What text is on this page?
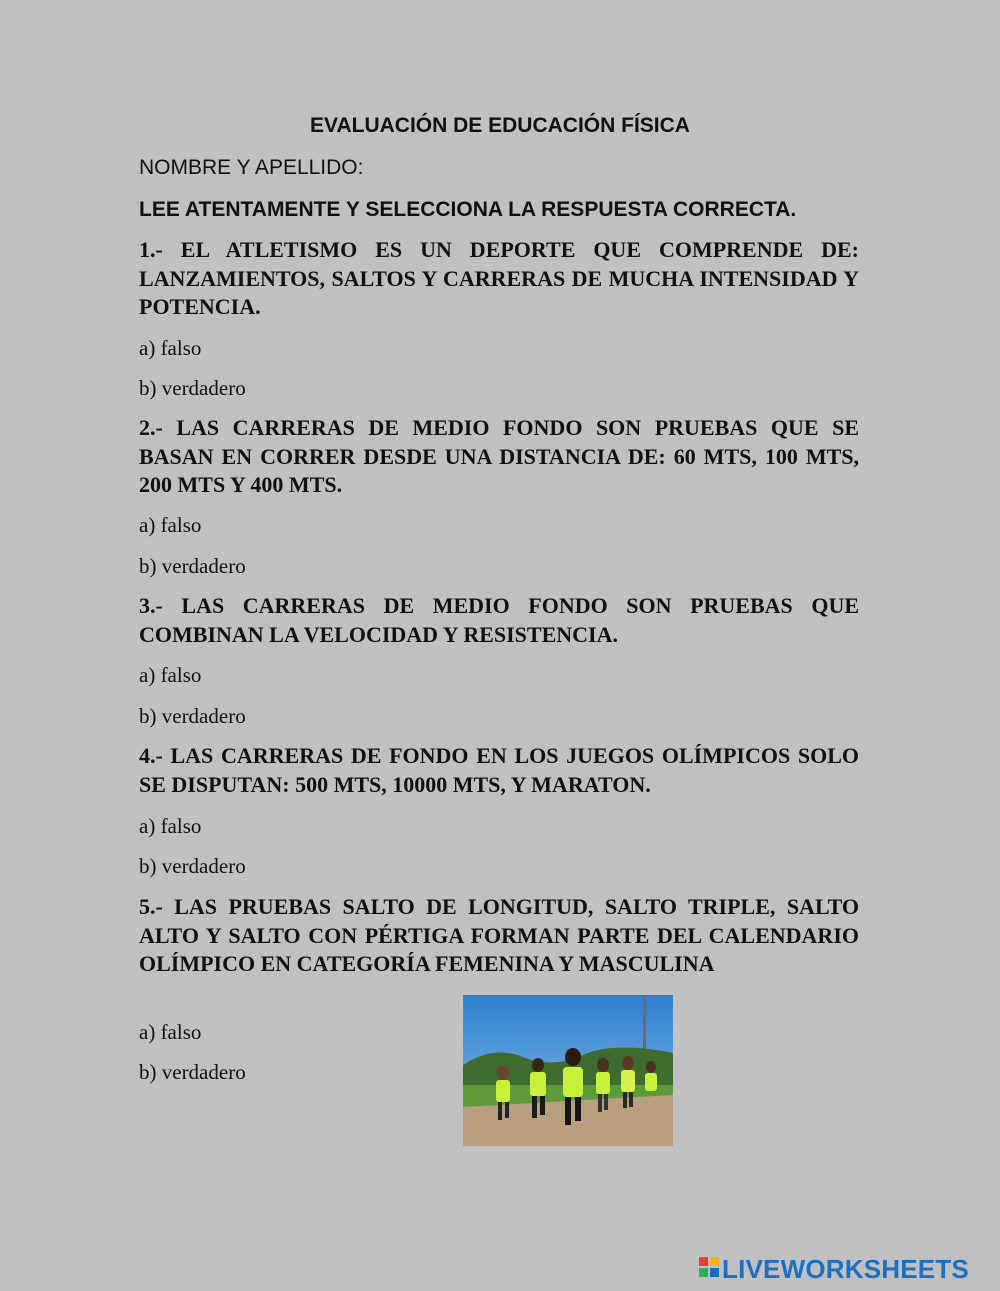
EVALUACIÓN DE EDUCACIÓN FÍSICA
NOMBRE Y APELLIDO:
LEE ATENTAMENTE Y SELECCIONA LA RESPUESTA CORRECTA.
1.- EL ATLETISMO ES UN DEPORTE QUE COMPRENDE DE: LANZAMIENTOS, SALTOS Y CARRERAS DE MUCHA INTENSIDAD Y POTENCIA.
a) falso
b) verdadero
2.- LAS CARRERAS DE MEDIO FONDO SON PRUEBAS QUE SE BASAN EN CORRER DESDE UNA DISTANCIA DE: 60 MTS, 100 MTS, 200 MTS Y 400 MTS.
a) falso
b) verdadero
3.- LAS CARRERAS DE MEDIO FONDO SON PRUEBAS QUE COMBINAN LA VELOCIDAD Y RESISTENCIA.
a) falso
b) verdadero
4.- LAS CARRERAS DE FONDO EN LOS JUEGOS OLÍMPICOS SOLO SE DISPUTAN: 500 MTS, 10000 MTS, Y MARATON.
a) falso
b) verdadero
5.- LAS PRUEBAS SALTO DE LONGITUD, SALTO TRIPLE, SALTO ALTO Y SALTO CON PÉRTIGA FORMAN PARTE DEL CALENDARIO OLÍMPICO EN CATEGORÍA FEMENINA Y MASCULINA
a) falso
b) verdadero
LIVEWORKSHEETS
